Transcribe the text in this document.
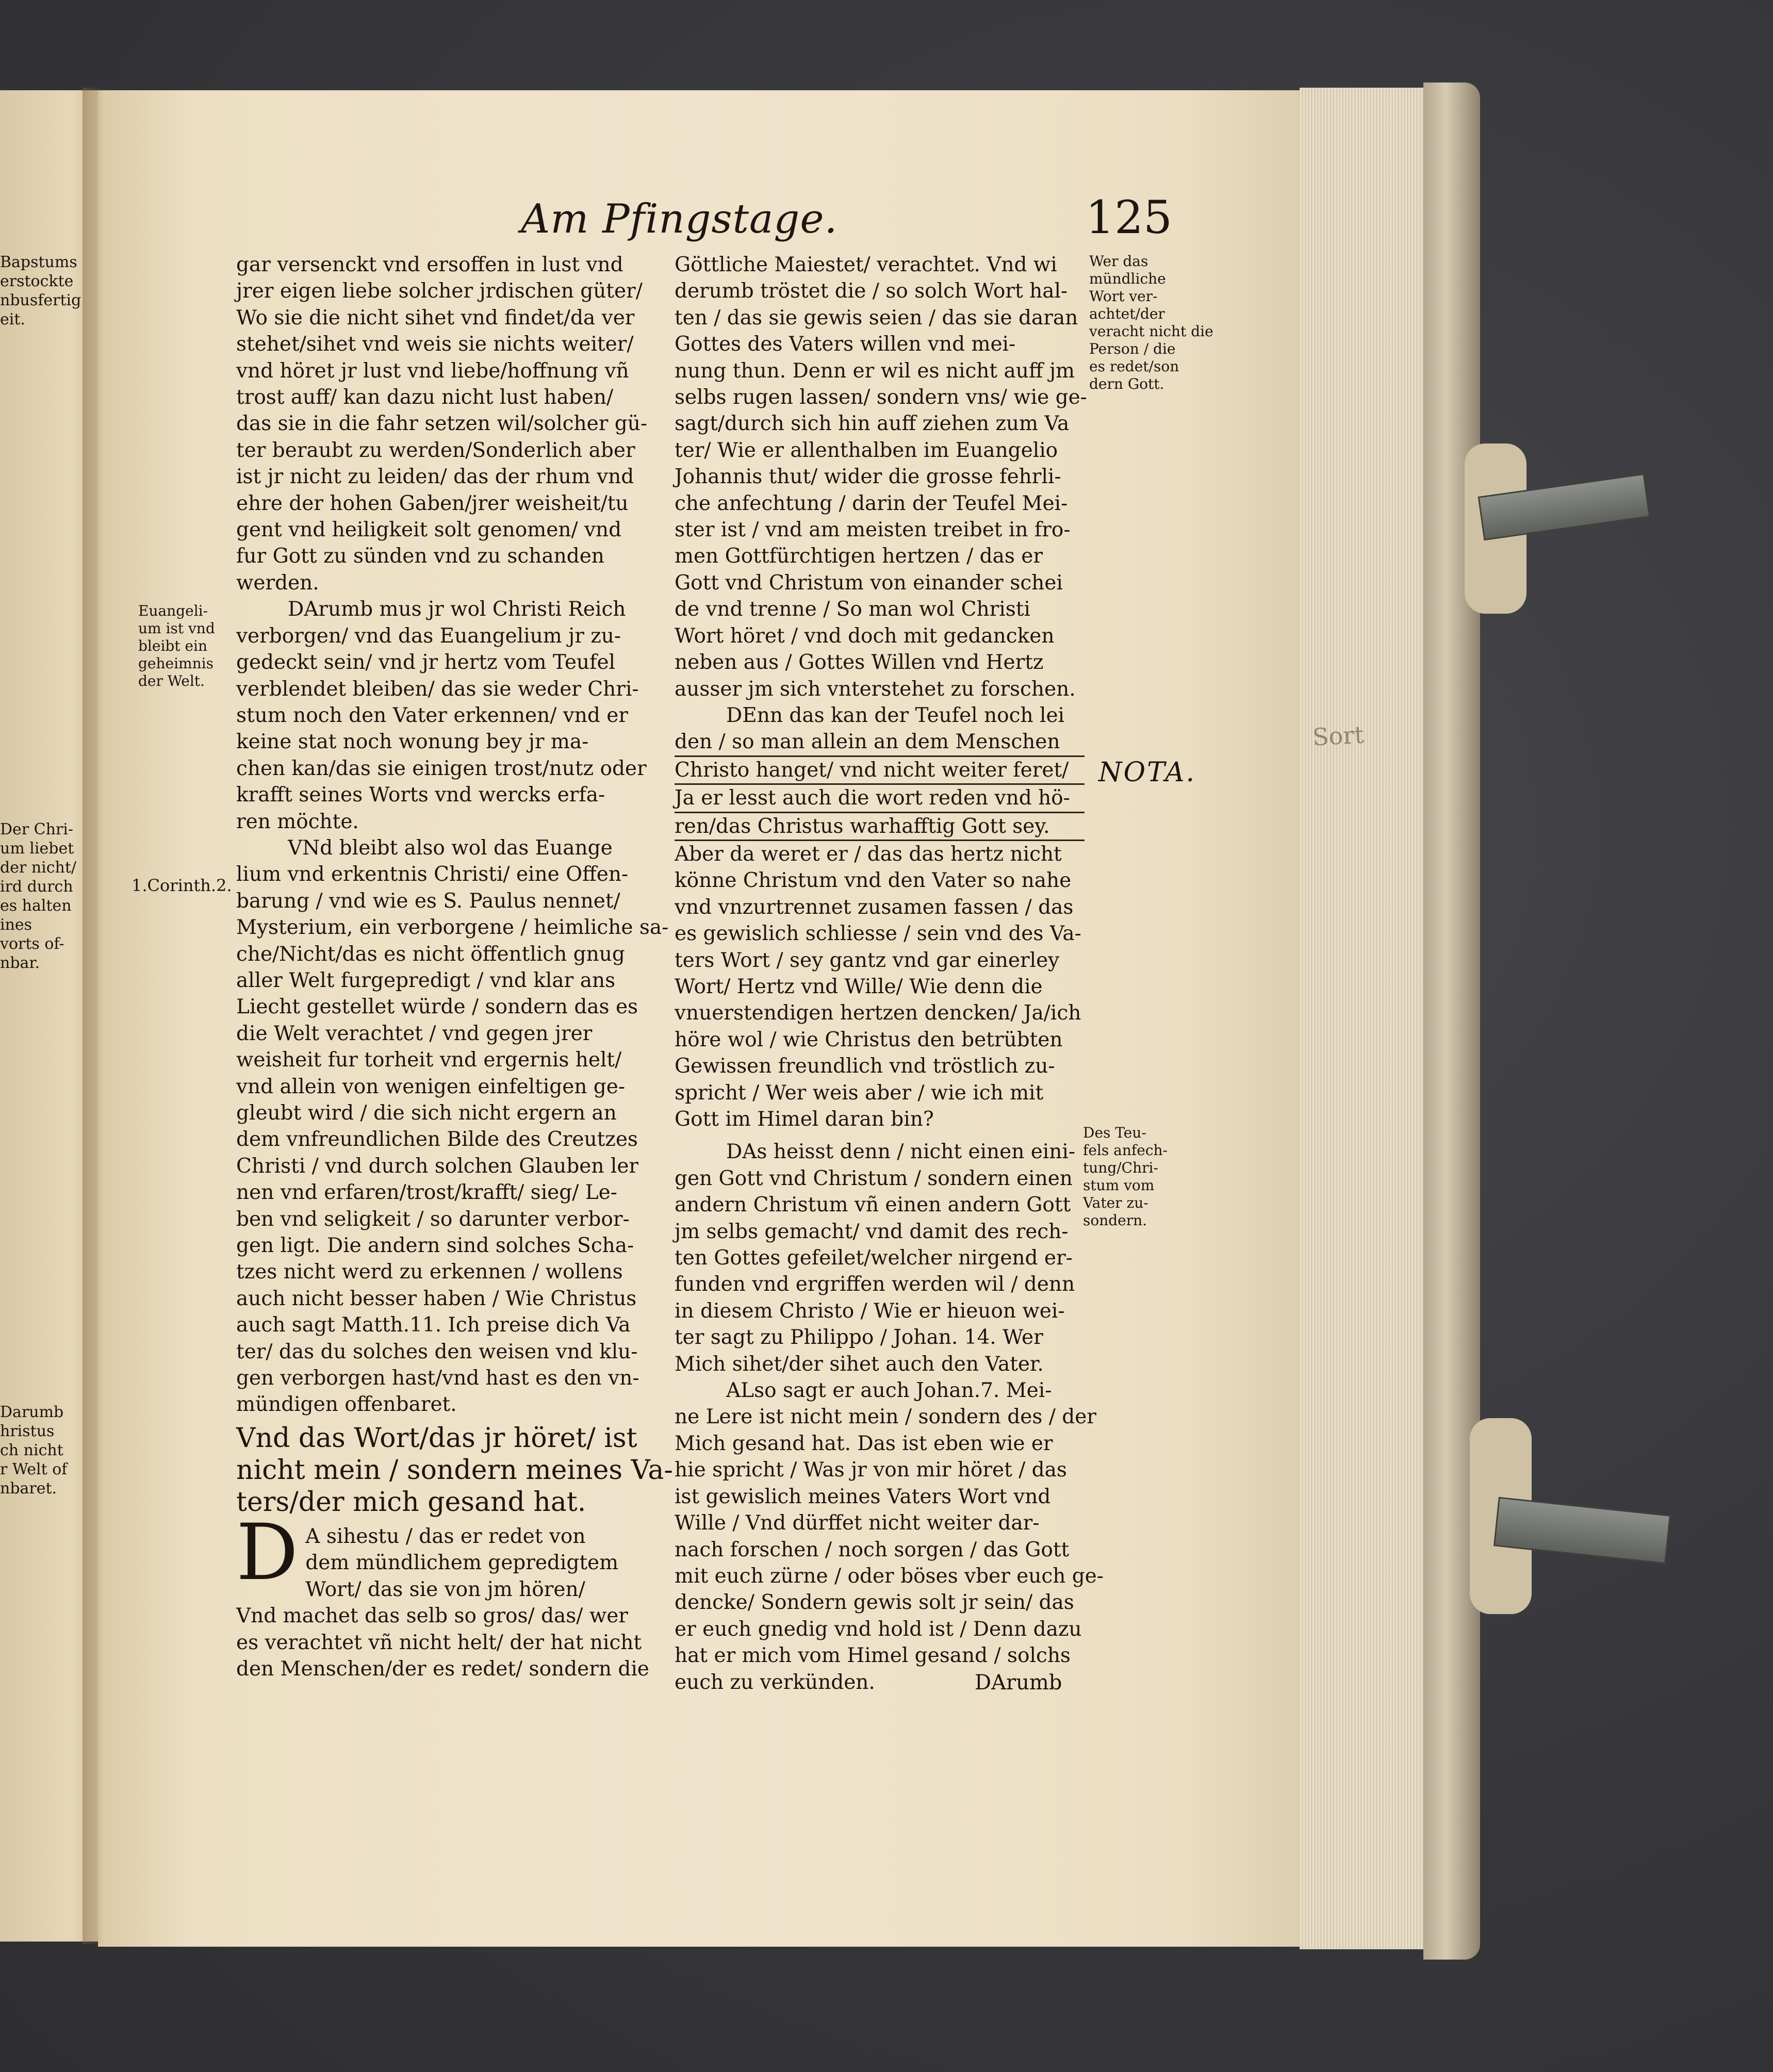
Sort
Bapstums
erstockte
nbusfertig
eit.
Der Chri-
um liebet
der nicht/
ird durch
es halten
ines
vorts of-
nbar.
Darumb
hristus
ch nicht
r Welt of
nbaret.
Am Pfingstage.	125
gar versenckt vnd ersoffen in lust vnd
jrer eigen liebe solcher jrdischen güter/
Wo sie die nicht sihet vnd findet/da ver
stehet/sihet vnd weis sie nichts weiter/
vnd höret jr lust vnd liebe/hoffnung vñ
trost auff/ kan dazu nicht lust haben/
das sie in die fahr setzen wil/solcher gü-
ter beraubt zu werden/Sonderlich aber
ist jr nicht zu leiden/ das der rhum vnd
ehre der hohen Gaben/jrer weisheit/tu
gent vnd heiligkeit solt genomen/ vnd
fur Gott zu sünden vnd zu schanden
werden.
DArumb mus jr wol Christi Reich
verborgen/ vnd das Euangelium jr zu-
gedeckt sein/ vnd jr hertz vom Teufel
verblendet bleiben/ das sie weder Chri-
stum noch den Vater erkennen/ vnd er
keine stat noch wonung bey jr ma-
chen kan/das sie einigen trost/nutz oder
krafft seines Worts vnd wercks erfa-
ren möchte.
VNd bleibt also wol das Euange
lium vnd erkentnis Christi/ eine Offen-
barung / vnd wie es S. Paulus nennet/
Mysterium, ein verborgene / heimliche sa-
che/Nicht/das es nicht öffentlich gnug
aller Welt furgepredigt / vnd klar ans
Liecht gestellet würde / sondern das es
die Welt verachtet / vnd gegen jrer
weisheit fur torheit vnd ergernis helt/
vnd allein von wenigen einfeltigen ge-
gleubt wird / die sich nicht ergern an
dem vnfreundlichen Bilde des Creutzes
Christi / vnd durch solchen Glauben ler
nen vnd erfaren/trost/krafft/ sieg/ Le-
ben vnd seligkeit / so darunter verbor-
gen ligt. Die andern sind solches Scha-
tzes nicht werd zu erkennen / wollens
auch nicht besser haben / Wie Christus
auch sagt Matth.11. Ich preise dich Va
ter/ das du solches den weisen vnd klu-
gen verborgen hast/vnd hast es den vn-
mündigen offenbaret.
Vnd das Wort/das jr höret/ ist
nicht mein / sondern meines Va-
ters/der mich gesand hat.
D A sihestu / das er redet von
dem mündlichem gepredigtem
Wort/ das sie von jm hören/
Vnd machet das selb so gros/ das/ wer
es verachtet vñ nicht helt/ der hat nicht
den Menschen/der es redet/ sondern die
Göttliche Maiestet/ verachtet. Vnd wi
derumb tröstet die / so solch Wort hal-
ten / das sie gewis seien / das sie daran
Gottes des Vaters willen vnd mei-
nung thun. Denn er wil es nicht auff jm
selbs rugen lassen/ sondern vns/ wie ge-
sagt/durch sich hin auff ziehen zum Va
ter/ Wie er allenthalben im Euangelio
Johannis thut/ wider die grosse fehrli-
che anfechtung / darin der Teufel Mei-
ster ist / vnd am meisten treibet in fro-
men Gottfürchtigen hertzen / das er
Gott vnd Christum von einander schei
de vnd trenne / So man wol Christi
Wort höret / vnd doch mit gedancken
neben aus / Gottes Willen vnd Hertz
ausser jm sich vnterstehet zu forschen.
DEnn das kan der Teufel noch lei
den / so man allein an dem Menschen
Christo hanget/ vnd nicht weiter feret/
Ja er lesst auch die wort reden vnd hö-
ren/das Christus warhafftig Gott sey.
Aber da weret er / das das hertz nicht
könne Christum vnd den Vater so nahe
vnd vnzurtrennet zusamen fassen / das
es gewislich schliesse / sein vnd des Va-
ters Wort / sey gantz vnd gar einerley
Wort/ Hertz vnd Wille/ Wie denn die
vnuerstendigen hertzen dencken/ Ja/ich
höre wol / wie Christus den betrübten
Gewissen freundlich vnd tröstlich zu-
spricht / Wer weis aber / wie ich mit
Gott im Himel daran bin?
DAs heisst denn / nicht einen eini-
gen Gott vnd Christum / sondern einen
andern Christum vñ einen andern Gott
jm selbs gemacht/ vnd damit des rech-
ten Gottes gefeilet/welcher nirgend er-
funden vnd ergriffen werden wil / denn
in diesem Christo / Wie er hieuon wei-
ter sagt zu Philippo / Johan. 14. Wer
Mich sihet/der sihet auch den Vater.
ALso sagt er auch Johan.7. Mei-
ne Lere ist nicht mein / sondern des / der
Mich gesand hat. Das ist eben wie er
hie spricht / Was jr von mir höret / das
ist gewislich meines Vaters Wort vnd
Wille / Vnd dürffet nicht weiter dar-
nach forschen / noch sorgen / das Gott
mit euch zürne / oder böses vber euch ge-
dencke/ Sondern gewis solt jr sein/ das
er euch gnedig vnd hold ist / Denn dazu
hat er mich vom Himel gesand / solchs
euch zu verkünden.	DArumb
Euangeli-
um ist vnd
bleibt ein
geheimnis
der Welt.
1.Corinth.2.
Wer das
mündliche
Wort ver-
achtet/der
veracht nicht die
Person / die
es redet/son
dern Gott.
NOTA.
Des Teu-
fels anfech-
tung/Chri-
stum vom
Vater zu-
sondern.
